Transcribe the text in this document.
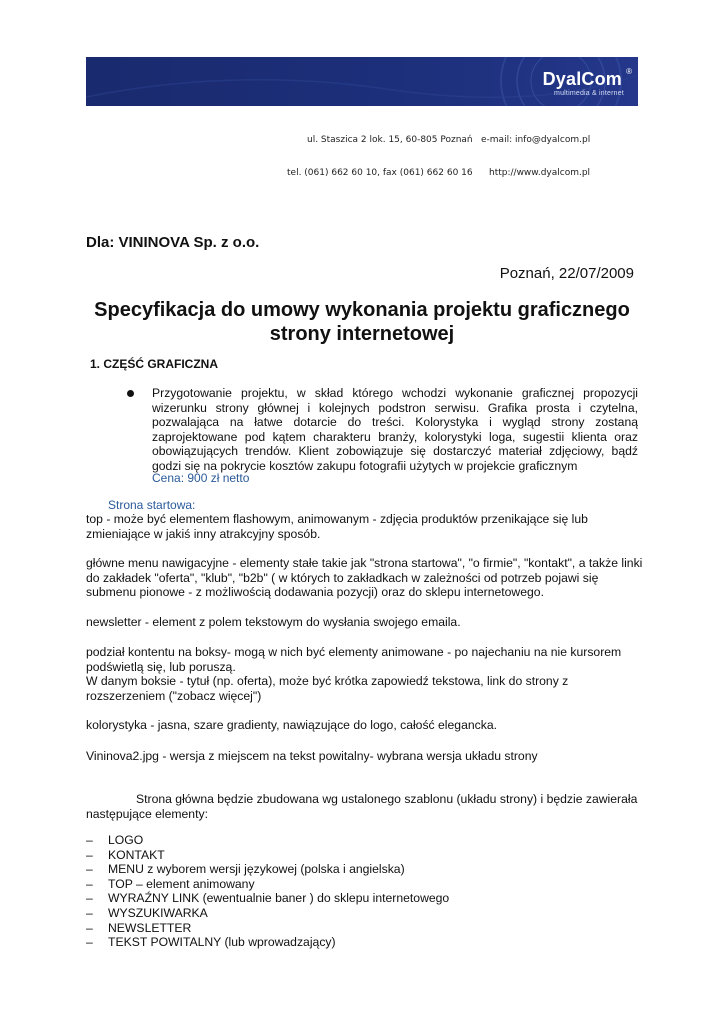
DyalCom ®
multimedia & internet
ul. Staszica 2 lok. 15, 60-805 Poznań e-mail: info@dyalcom.pl
tel. (061) 662 60 10, fax (061) 662 60 16 http://www.dyalcom.pl
Dla: VININOVA Sp. z o.o.
Poznań, 22/07/2009
Specyfikacja do umowy wykonania projektu graficznego strony internetowej
1. CZĘŚĆ GRAFICZNA
Przygotowanie projektu, w skład którego wchodzi wykonanie graficznej propozycji wizerunku strony głównej i kolejnych podstron serwisu. Grafika prosta i czytelna, pozwalająca na łatwe dotarcie do treści. Kolorystyka i wygląd strony zostaną zaprojektowane pod kątem charakteru branży, kolorystyki loga, sugestii klienta oraz obowiązujących trendów. Klient zobowiązuje się dostarczyć materiał zdjęciowy, bądź godzi się na pokrycie kosztów zakupu fotografii użytych w projekcie graficznym
Cena: 900 zł netto
Strona startowa:
top - może być elementem flashowym, animowanym - zdjęcia produktów przenikające się lub zmieniające w jakiś inny atrakcyjny sposób.
główne menu nawigacyjne - elementy stałe takie jak "strona startowa", "o firmie", "kontakt", a także linki do zakładek "oferta", "klub", "b2b" ( w których to zakładkach w zależności od potrzeb pojawi się submenu pionowe - z możliwością dodawania pozycji) oraz do sklepu internetowego.
newsletter - element z polem tekstowym do wysłania swojego emaila.
podział kontentu na boksy- mogą w nich być elementy animowane - po najechaniu na nie kursorem podświetlą się, lub poruszą.
W danym boksie - tytuł (np. oferta), może być krótka zapowiedź tekstowa, link do strony z rozszerzeniem ("zobacz więcej")
kolorystyka - jasna, szare gradienty, nawiązujące do logo, całość elegancka.
Vininova2.jpg - wersja z miejscem na tekst powitalny- wybrana wersja układu strony
Strona główna będzie zbudowana wg ustalonego szablonu (układu strony) i będzie zawierała następujące elementy:
– LOGO
– KONTAKT
– MENU z wyborem wersji językowej (polska i angielska)
– TOP – element animowany
– WYRAŹNY LINK (ewentualnie baner ) do sklepu internetowego
– WYSZUKIWARKA
– NEWSLETTER
– TEKST POWITALNY (lub wprowadzający)
